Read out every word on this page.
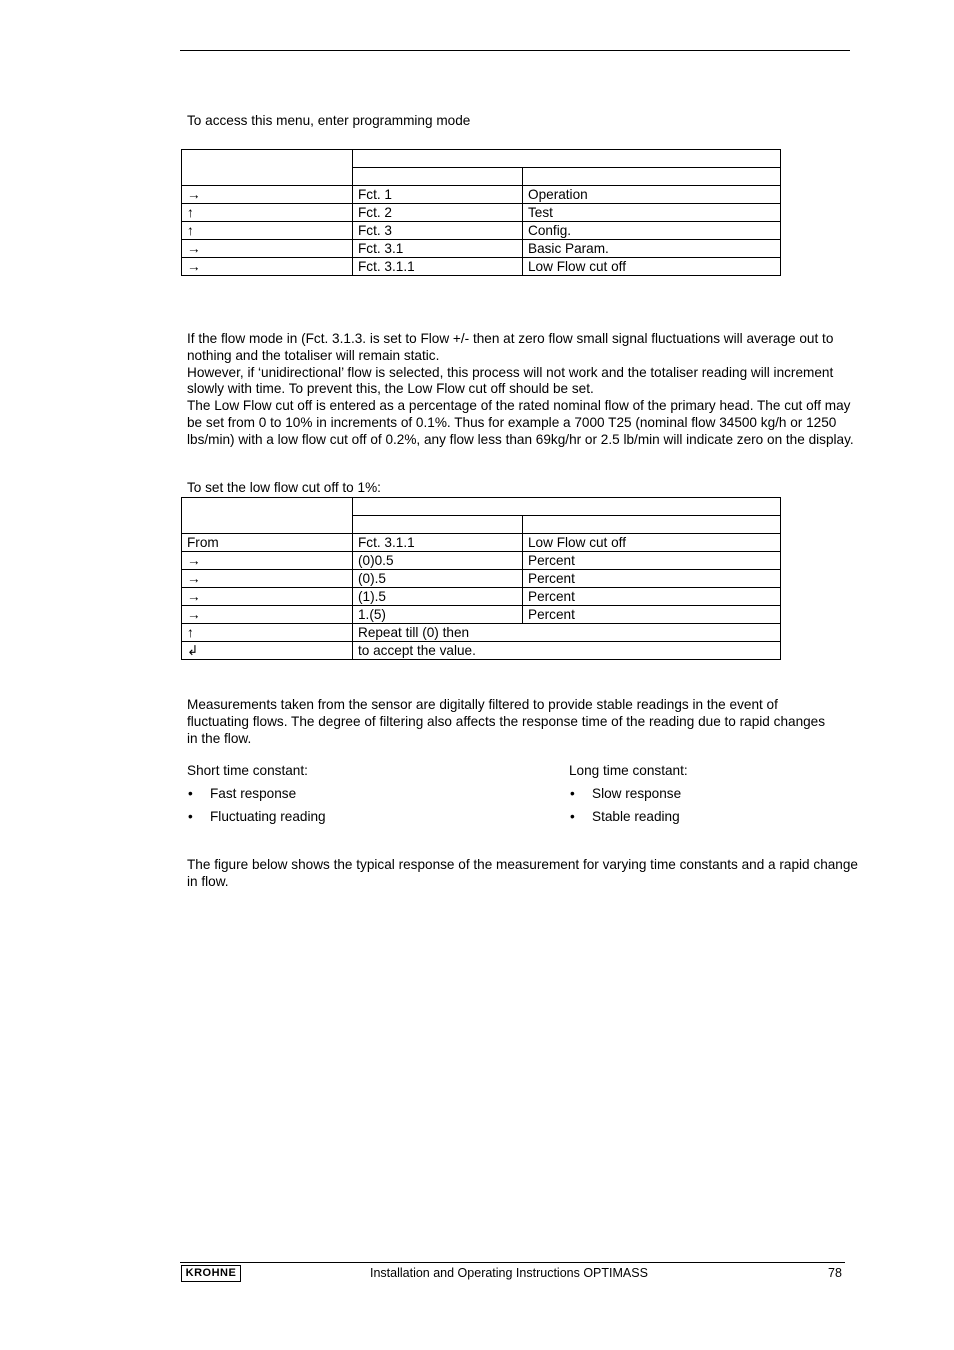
To access this menu, enter programming mode

→	Fct. 1	Operation
↑	Fct. 2	Test
↑	Fct. 3	Config.
→	Fct. 3.1	Basic Param.
→	Fct. 3.1.1	Low Flow cut off

If the flow mode in (Fct. 3.1.3. is set to Flow +/- then at zero flow small signal fluctuations will average out to nothing and the totaliser will remain static.

However, if ‘unidirectional’ flow is selected, this process will not work and the totaliser reading will increment slowly with time. To prevent this, the Low Flow cut off should be set.

The Low Flow cut off is entered as a percentage of the rated nominal flow of the primary head. The cut off may be set from 0 to 10% in increments of 0.1%. Thus for example a 7000 T25 (nominal flow 34500 kg/h or 1250 lbs/min) with a low flow cut off of 0.2%, any flow less than 69kg/hr or 2.5 lb/min will indicate zero on the display.

To set the low flow cut off to 1%:

From	Fct. 3.1.1	Low Flow cut off
→	(0)0.5	Percent
→	(0).5	Percent
→	(1).5	Percent
→	1.(5)	Percent
↑	Repeat till (0) then	
↲	to accept the value.	

Measurements taken from the sensor are digitally filtered to provide stable readings in the event of fluctuating flows. The degree of filtering also affects the response time of the reading due to rapid changes in the flow.

Short time constant:

• Fast response
• Fluctuating reading

Long time constant:

• Slow response
• Stable reading

The figure below shows the typical response of the measurement for varying time constants and a rapid change in flow.

KROHNE	Installation and Operating Instructions OPTIMASS	78
